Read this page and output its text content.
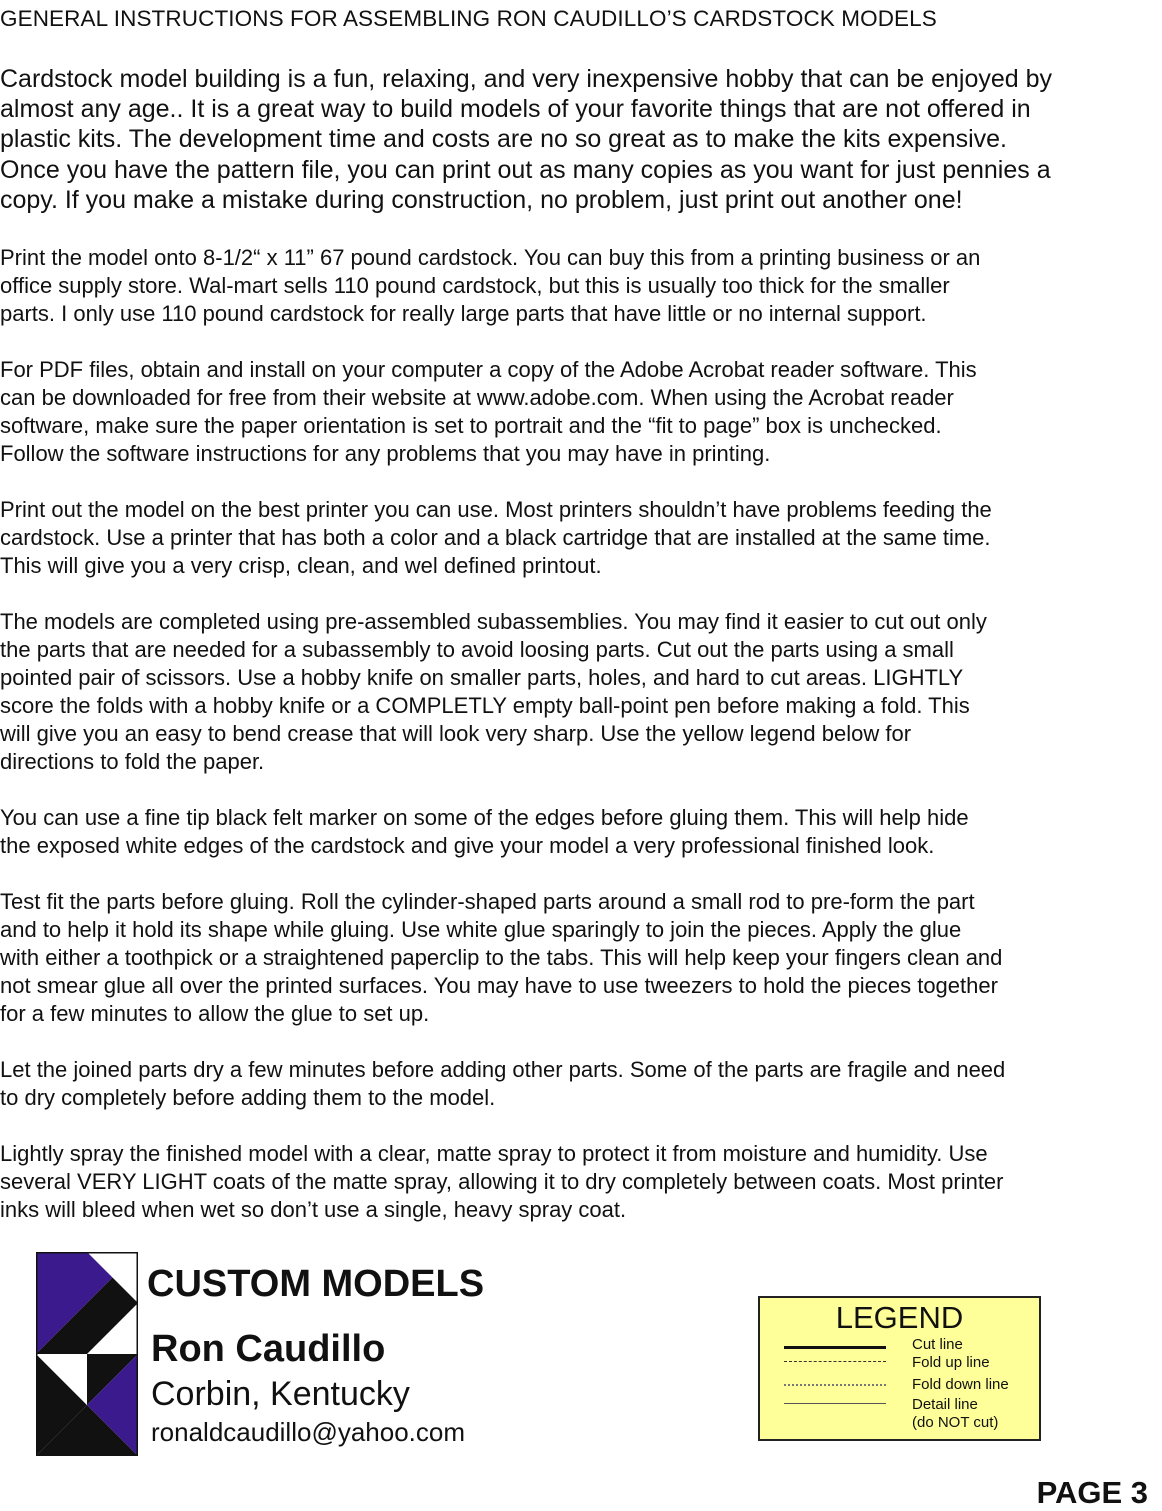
GENERAL INSTRUCTIONS FOR ASSEMBLING RON CAUDILLO’S CARDSTOCK MODELS
Cardstock model building is a fun, relaxing, and very inexpensive hobby that can be enjoyed by
almost any age.. It is a great way to build models of your favorite things that are not offered in
plastic kits. The development time and costs are no so great as to make the kits expensive.
Once you have the pattern file, you can print out as many copies as you want for just pennies a
copy. If you make a mistake during construction, no problem, just print out another one!
Print the model onto 8-1/2“ x 11” 67 pound cardstock. You can buy this from a printing business or an
office supply store. Wal-mart sells 110 pound cardstock, but this is usually too thick for the smaller
parts. I only use 110 pound cardstock for really large parts that have little or no internal support.
For PDF files, obtain and install on your computer a copy of the Adobe Acrobat reader software. This
can be downloaded for free from their website at www.adobe.com. When using the Acrobat reader
software, make sure the paper orientation is set to portrait and the “fit to page” box is unchecked.
Follow the software instructions for any problems that you may have in printing.
Print out the model on the best printer you can use. Most printers shouldn’t have problems feeding the
cardstock. Use a printer that has both a color and a black cartridge that are installed at the same time.
This will give you a very crisp, clean, and wel defined printout.
The models are completed using pre-assembled subassemblies. You may find it easier to cut out only
the parts that are needed for a subassembly to avoid loosing parts. Cut out the parts using a small
pointed pair of scissors. Use a hobby knife on smaller parts, holes, and hard to cut areas. LIGHTLY
score the folds with a hobby knife or a COMPLETLY empty ball-point pen before making a fold. This
will give you an easy to bend crease that will look very sharp. Use the yellow legend below for
directions to fold the paper.
You can use a fine tip black felt marker on some of the edges before gluing them. This will help hide
the exposed white edges of the cardstock and give your model a very professional finished look.
Test fit the parts before gluing. Roll the cylinder-shaped parts around a small rod to pre-form the part
and to help it hold its shape while gluing. Use white glue sparingly to join the pieces. Apply the glue
with either a toothpick or a straightened paperclip to the tabs. This will help keep your fingers clean and
not smear glue all over the printed surfaces. You may have to use tweezers to hold the pieces together
for a few minutes to allow the glue to set up.
Let the joined parts dry a few minutes before adding other parts. Some of the parts are fragile and need
to dry completely before adding them to the model.
Lightly spray the finished model with a clear, matte spray to protect it from moisture and humidity. Use
several VERY LIGHT coats of the matte spray, allowing it to dry completely between coats. Most printer
inks will bleed when wet so don’t use a single, heavy spray coat.
CUSTOM MODELS
Ron Caudillo
Corbin, Kentucky
ronaldcaudillo@yahoo.com
LEGEND
Cut line
Fold up line
Fold down line
Detail line
(do NOT cut)
PAGE 3
